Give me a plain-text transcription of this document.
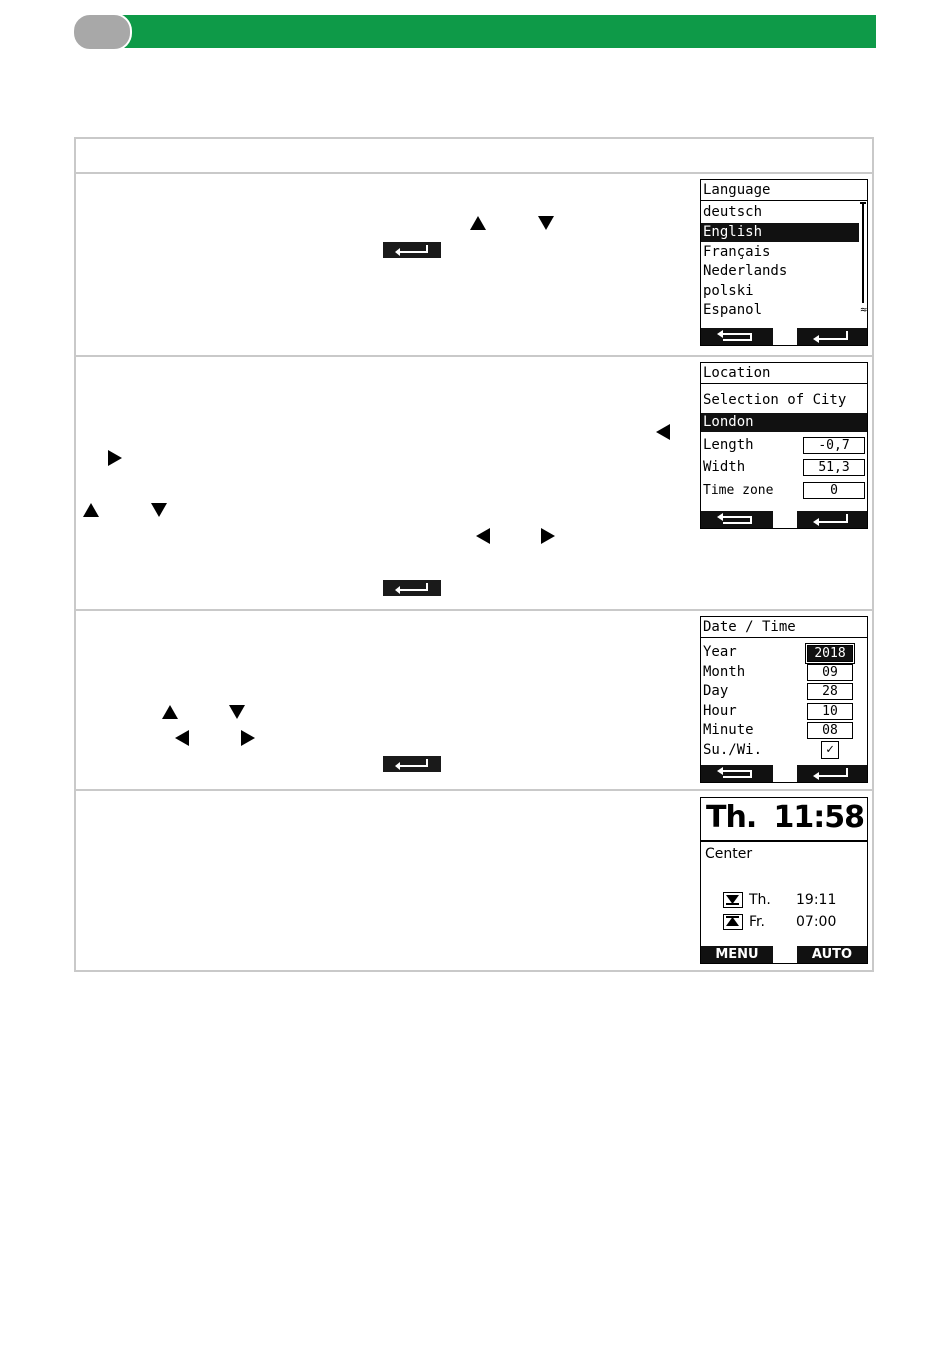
Language
deutsch
English
Français
Nederlands
polski
Espanol	≈
Location
Selection of City
London
Length	-0,7
Width	51,3
Time zone	0
Date / Time
Year	2018
Month	09
Day	28
Hour	10
Minute	08
Su./Wi.	✓
Th. 11:58
Center
Th. 19:11
Fr. 07:00
MENU	AUTO
